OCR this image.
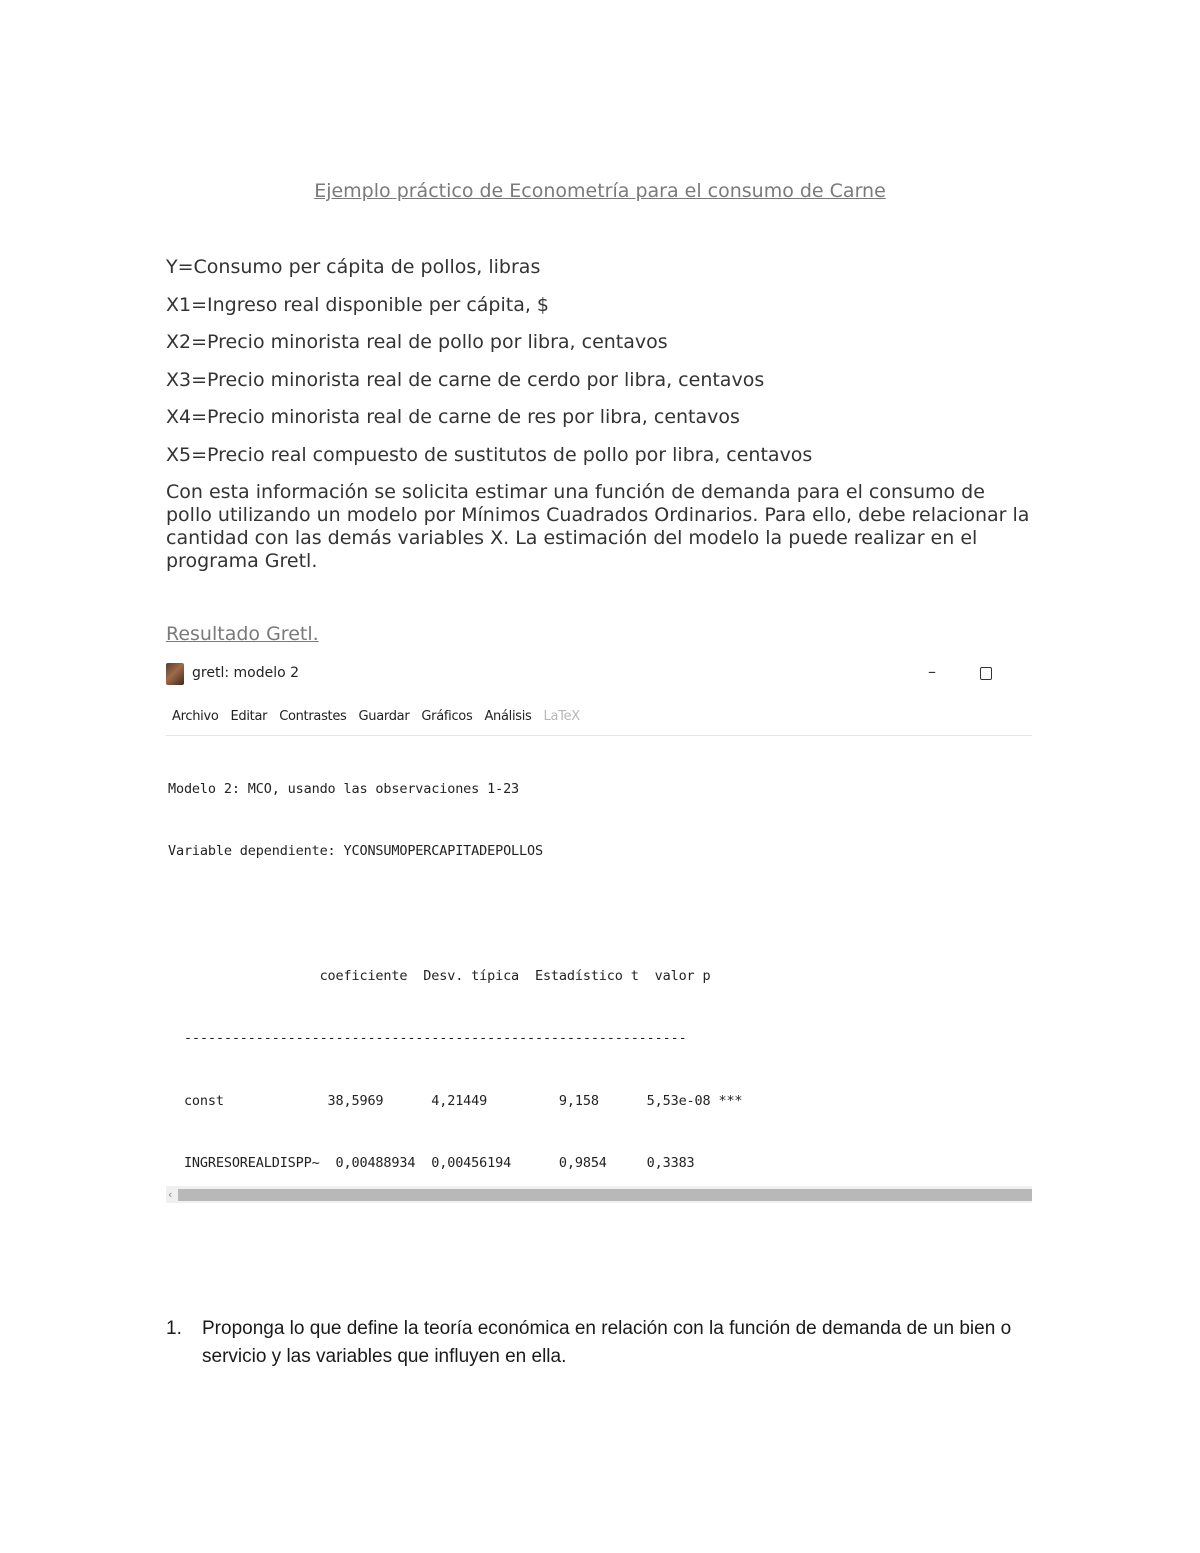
Ejemplo práctico de Econometría para el consumo de Carne
Y=Consumo per cápita de pollos, libras
X1=Ingreso real disponible per cápita, $
X2=Precio minorista real de pollo por libra, centavos
X3=Precio minorista real de carne de cerdo por libra, centavos
X4=Precio minorista real de carne de res por libra, centavos
X5=Precio real compuesto de sustitutos de pollo por libra, centavos
Con esta información se solicita estimar una función de demanda para el consumo de pollo utilizando un modelo por Mínimos Cuadrados Ordinarios. Para ello, debe relacionar la cantidad con las demás variables X. La estimación del modelo la puede realizar en el programa Gretl.
Resultado Gretl.
gretl: modelo 2	–
Archivo Editar Contrastes Guardar Gráficos Análisis LaTeX

Modelo 2: MCO, usando las observaciones 1-23

Variable dependiente: YCONSUMOPERCAPITADEPOLLOS

coeficiente  Desv. típica  Estadístico t  valor p

---------------------------------------------------------------

const             38,5969      4,21449         9,158      5,53e-08 ***

INGRESOREALDISPP~  0,00488934  0,00456194      0,9854     0,3383

‹
1. Proponga lo que define la teoría económica en relación con la función de demanda de un bien o servicio y las variables que influyen en ella.
